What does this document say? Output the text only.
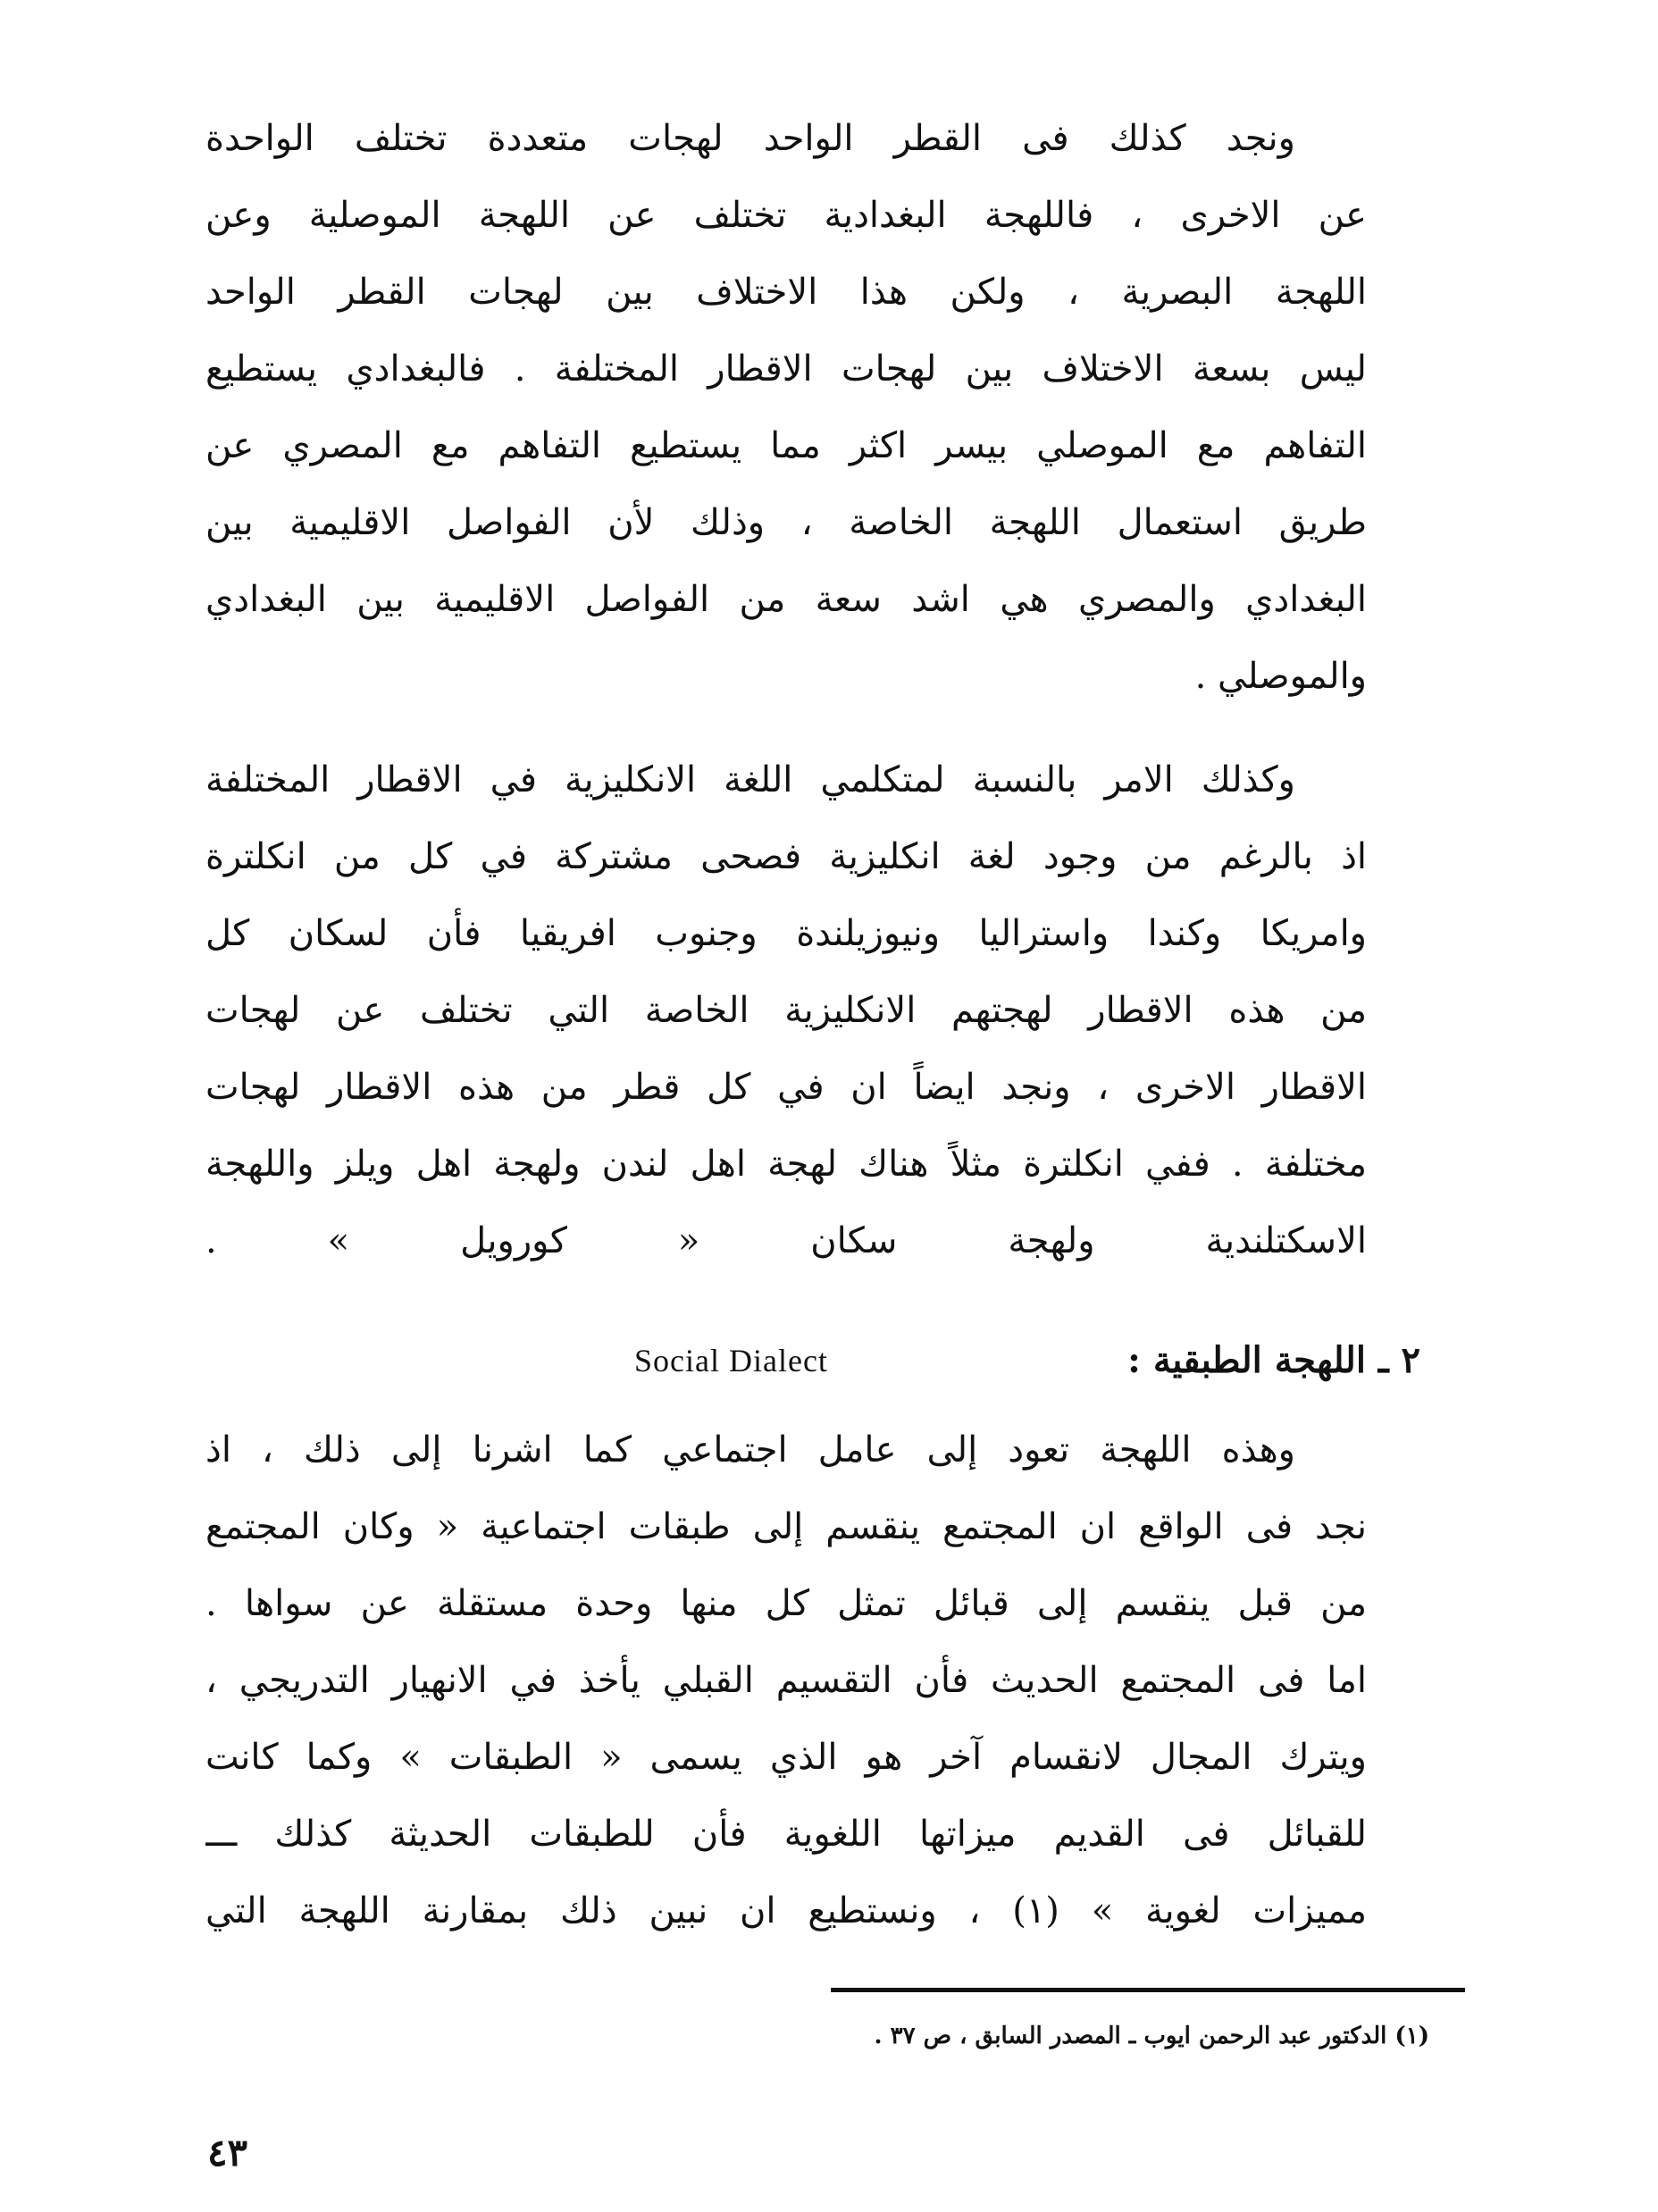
ونجد كذلك فى القطر الواحد لهجات متعددة تختلف الواحدة
عن الاخرى ، فاللهجة البغدادية تختلف عن اللهجة الموصلية وعن
اللهجة البصرية ، ولكن هذا الاختلاف بين لهجات القطر الواحد
ليس بسعة الاختلاف بين لهجات الاقطار المختلفة . فالبغدادي يستطيع
التفاهم مع الموصلي بيسر اكثر مما يستطيع التفاهم مع المصري عن
طريق استعمال اللهجة الخاصة ، وذلك لأن الفواصل الاقليمية بين
البغدادي والمصري هي اشد سعة من الفواصل الاقليمية بين البغدادي
والموصلي .
وكذلك الامر بالنسبة لمتكلمي اللغة الانكليزية في الاقطار المختلفة
اذ بالرغم من وجود لغة انكليزية فصحى مشتركة في كل من انكلترة
وامريكا وكندا واستراليا ونيوزيلندة وجنوب افريقيا فأن لسكان كل
من هذه الاقطار لهجتهم الانكليزية الخاصة التي تختلف عن لهجات
الاقطار الاخرى ، ونجد ايضاً ان في كل قطر من هذه الاقطار لهجات
مختلفة . ففي انكلترة مثلاً هناك لهجة اهل لندن ولهجة اهل ويلز واللهجة
الاسكتلندية ولهجة سكان « كورويل » .
٢ ـ اللهجة الطبقية :
Social Dialect
وهذه اللهجة تعود إلى عامل اجتماعي كما اشرنا إلى ذلك ، اذ
نجد فى الواقع ان المجتمع ينقسم إلى طبقات اجتماعية « وكان المجتمع
من قبل ينقسم إلى قبائل تمثل كل منها وحدة مستقلة عن سواها .
اما فى المجتمع الحديث فأن التقسيم القبلي يأخذ في الانهيار التدريجي ،
ويترك المجال لانقسام آخر هو الذي يسمى « الطبقات » وكما كانت
للقبائل فى القديم ميزاتها اللغوية فأن للطبقات الحديثة كذلك ـــ
مميزات لغوية » (١) ، ونستطيع ان نبين ذلك بمقارنة اللهجة التي
(١) الدكتور عبد الرحمن ايوب ـ المصدر السابق ، ص ٣٧ .
٤٣
